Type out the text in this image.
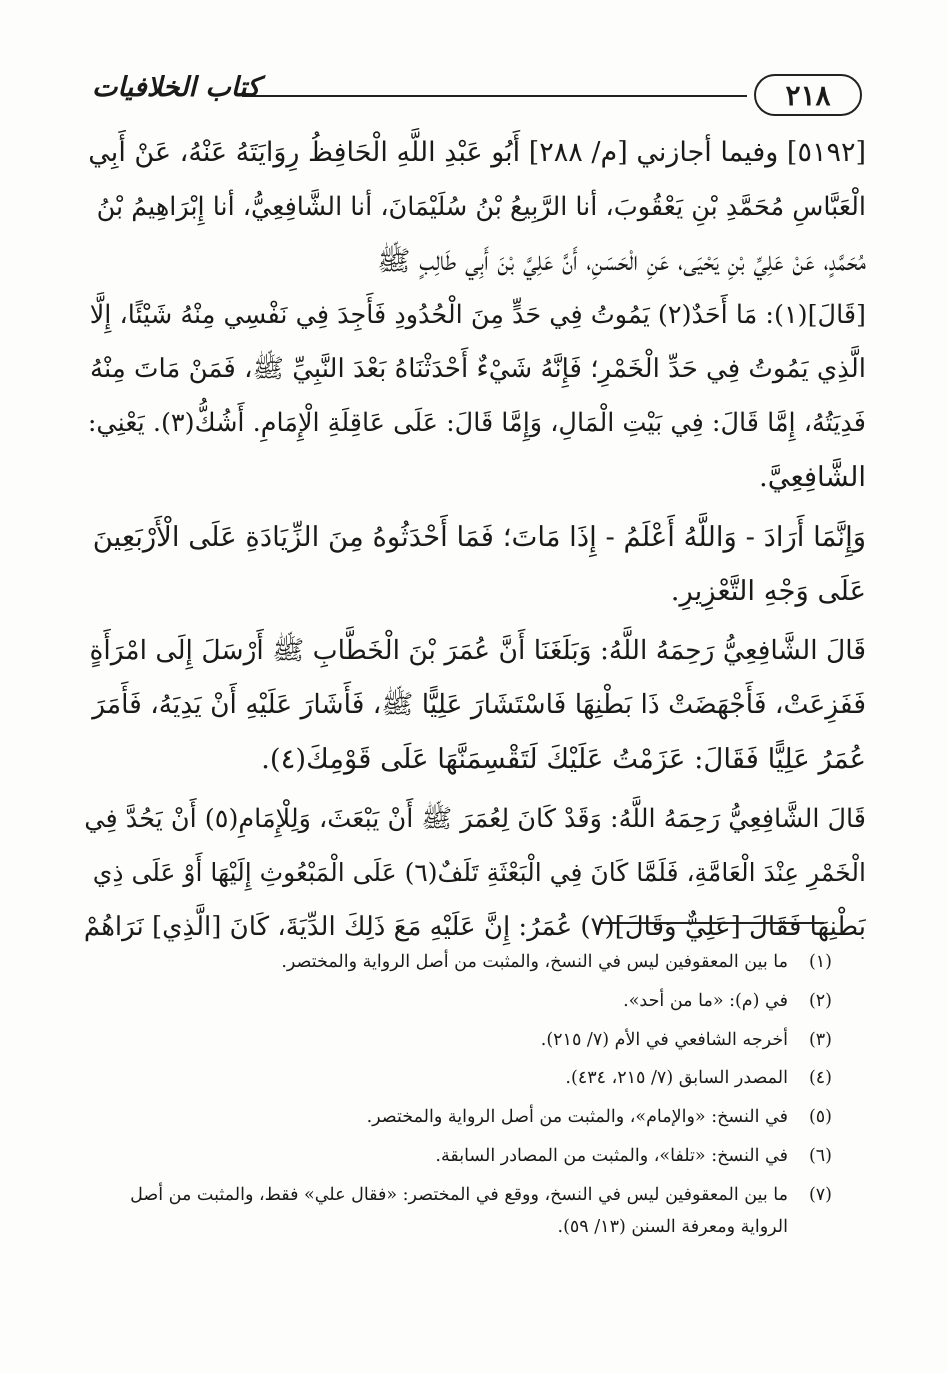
٢١٨
كتاب الخلافيات
[٥١٩٢] وفيما أجازني [م/ ٢٨٨] أَبُو عَبْدِ اللَّهِ الْحَافِظُ رِوَايَتَهُ عَنْهُ، عَنْ أَبِي
الْعَبَّاسِ مُحَمَّدِ بْنِ يَعْقُوبَ، أنا الرَّبِيعُ بْنُ سُلَيْمَانَ، أنا الشَّافِعِيُّ، أنا إِبْرَاهِيمُ بْنُ
مُحَمَّدٍ، عَنْ عَلِيِّ بْنِ يَحْيَى، عَنِ الْحَسَنِ، أَنَّ عَلِيَّ بْنَ أَبِي طَالِبٍ ﷺ
[قَالَ](١): مَا أَحَدٌ(٢) يَمُوتُ فِي حَدٍّ مِنَ الْحُدُودِ فَأَجِدَ فِي نَفْسِي مِنْهُ شَيْئًا، إِلَّا
الَّذِي يَمُوتُ فِي حَدِّ الْخَمْرِ؛ فَإِنَّهُ شَيْءٌ أَحْدَثْنَاهُ بَعْدَ النَّبِيِّ ﷺ، فَمَنْ مَاتَ مِنْهُ
فَدِيَتُهُ، إِمَّا قَالَ: فِي بَيْتِ الْمَالِ، وَإِمَّا قَالَ: عَلَى عَاقِلَةِ الْإِمَامِ. أَشُكُّ(٣). يَعْنِي:
الشَّافِعِيَّ.
وَإِنَّمَا أَرَادَ - وَاللَّهُ أَعْلَمُ - إِذَا مَاتَ؛ فَمَا أَحْدَثُوهُ مِنَ الزِّيَادَةِ عَلَى الْأَرْبَعِينَ
عَلَى وَجْهِ التَّعْزِيرِ.
قَالَ الشَّافِعِيُّ رَحِمَهُ اللَّهُ: وَبَلَغَنَا أَنَّ عُمَرَ بْنَ الْخَطَّابِ ﷺ أَرْسَلَ إِلَى امْرَأَةٍ
فَفَزِعَتْ، فَأَجْهَضَتْ ذَا بَطْنِهَا فَاسْتَشَارَ عَلِيًّا ﷺ، فَأَشَارَ عَلَيْهِ أَنْ يَدِيَهُ، فَأَمَرَ
عُمَرُ عَلِيًّا فَقَالَ: عَزَمْتُ عَلَيْكَ لَتَقْسِمَنَّهَا عَلَى قَوْمِكَ(٤).
قَالَ الشَّافِعِيُّ رَحِمَهُ اللَّهُ: وَقَدْ كَانَ لِعُمَرَ ﷺ أَنْ يَبْعَثَ، وَلِلْإِمَامِ(٥) أَنْ يَحُدَّ فِي
الْخَمْرِ عِنْدَ الْعَامَّةِ، فَلَمَّا كَانَ فِي الْبَعْثَةِ تَلَفٌ(٦) عَلَى الْمَبْعُوثِ إِلَيْهَا أَوْ عَلَى ذِي
بَطْنِهَا فَقَالَ [عَلِيٌّ وَقَالَ](٧) عُمَرُ: إِنَّ عَلَيْهِ مَعَ ذَلِكَ الدِّيَةَ، كَانَ [الَّذِي] نَرَاهُمْ
(١)
ما بين المعقوفين ليس في النسخ، والمثبت من أصل الرواية والمختصر.
(٢)
في (م): «ما من أحد».
(٣)
أخرجه الشافعي في الأم (٧/ ٢١٥).
(٤)
المصدر السابق (٧/ ٢١٥، ٤٣٤).
(٥)
في النسخ: «والإمام»، والمثبت من أصل الرواية والمختصر.
(٦)
في النسخ: «تلفا»، والمثبت من المصادر السابقة.
(٧)
ما بين المعقوفين ليس في النسخ، ووقع في المختصر: «فقال علي» فقط، والمثبت من أصل الرواية ومعرفة السنن (١٣/ ٥٩).
